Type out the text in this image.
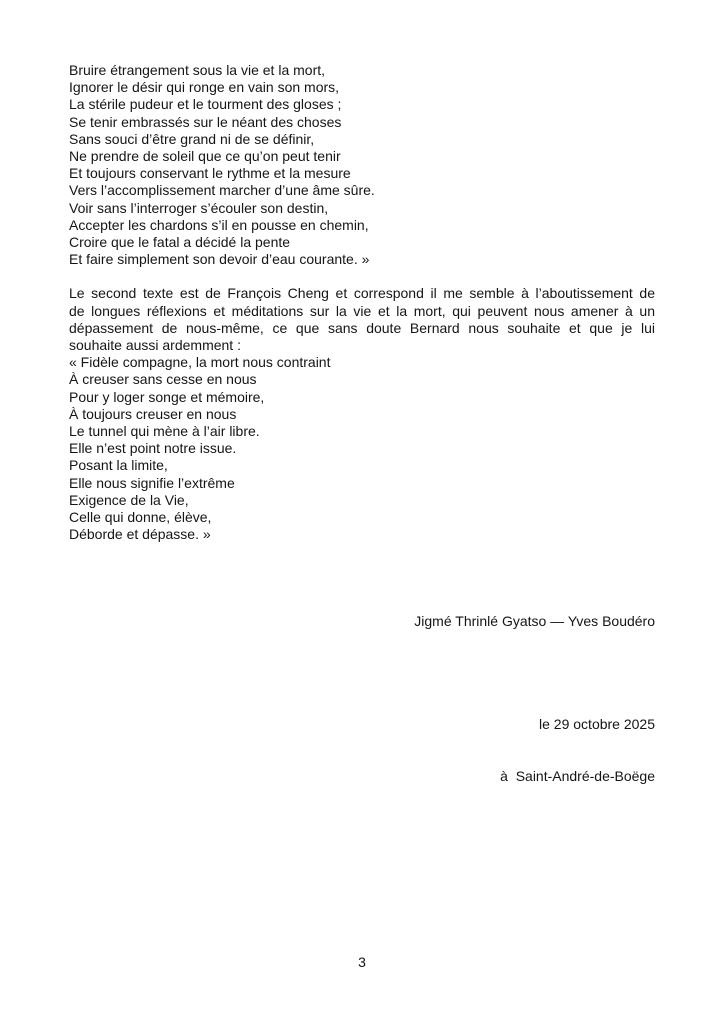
Bruire étrangement sous la vie et la mort,
Ignorer le désir qui ronge en vain son mors,
La stérile pudeur et le tourment des gloses ;
Se tenir embrassés sur le néant des choses
Sans souci d’être grand ni de se définir,
Ne prendre de soleil que ce qu’on peut tenir
Et toujours conservant le rythme et la mesure
Vers l’accomplissement marcher d’une âme sûre.
Voir sans l’interroger s’écouler son destin,
Accepter les chardons s’il en pousse en chemin,
Croire que le fatal a décidé la pente
Et faire simplement son devoir d’eau courante. »
Le second texte est de François Cheng et correspond il me semble à l’aboutissement de
de longues réflexions et méditations sur la vie et la mort, qui peuvent nous amener à un
dépassement de nous-même, ce que sans doute Bernard nous souhaite et que je lui
souhaite aussi ardemment :
« Fidèle compagne, la mort nous contraint
À creuser sans cesse en nous
Pour y loger songe et mémoire,
À toujours creuser en nous
Le tunnel qui mène à l’air libre.
Elle n’est point notre issue.
Posant la limite,
Elle nous signifie l’extrême
Exigence de la Vie,
Celle qui donne, élève,
Déborde et dépasse. »

Jigmé Thrinlé Gyatso — Yves Boudéro

le 29 octobre 2025

à  Saint-André-de-Boëge

3
